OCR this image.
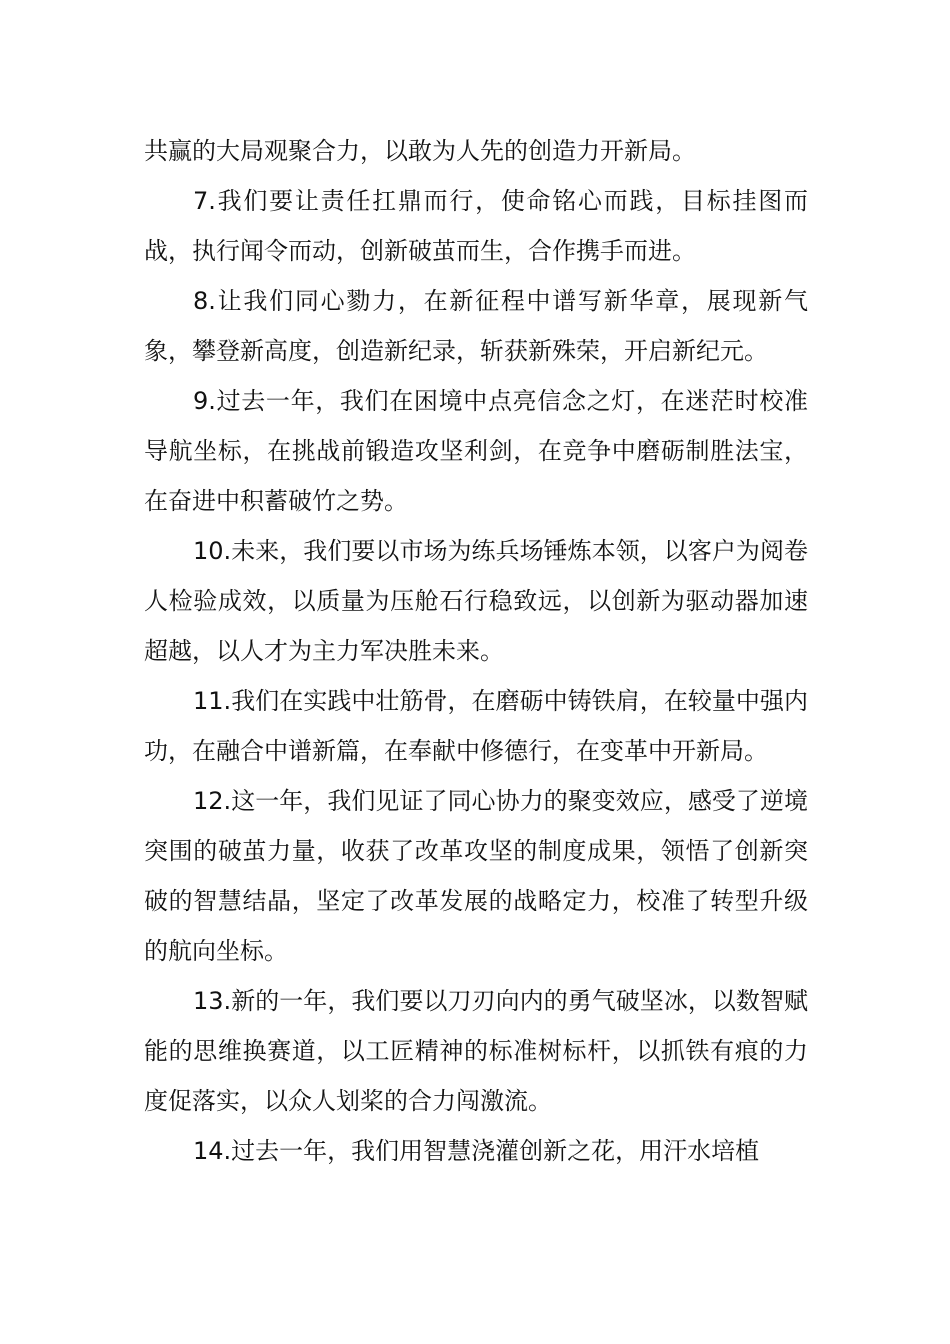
共赢的大局观聚合力，以敢为人先的创造力开新局。

7.我们要让责任扛鼎而行，使命铭心而践，目标挂图而战，执行闻令而动，创新破茧而生，合作携手而进。

8.让我们同心勠力，在新征程中谱写新华章，展现新气象，攀登新高度，创造新纪录，斩获新殊荣，开启新纪元。

9.过去一年，我们在困境中点亮信念之灯，在迷茫时校准导航坐标，在挑战前锻造攻坚利剑，在竞争中磨砺制胜法宝，在奋进中积蓄破竹之势。

10.未来，我们要以市场为练兵场锤炼本领，以客户为阅卷人检验成效，以质量为压舱石行稳致远，以创新为驱动器加速超越，以人才为主力军决胜未来。

11.我们在实践中壮筋骨，在磨砺中铸铁肩，在较量中强内功，在融合中谱新篇，在奉献中修德行，在变革中开新局。

12.这一年，我们见证了同心协力的聚变效应，感受了逆境突围的破茧力量，收获了改革攻坚的制度成果，领悟了创新突破的智慧结晶，坚定了改革发展的战略定力，校准了转型升级的航向坐标。

13.新的一年，我们要以刀刃向内的勇气破坚冰，以数智赋能的思维换赛道，以工匠精神的标准树标杆，以抓铁有痕的力度促落实，以众人划桨的合力闯激流。

14.过去一年，我们用智慧浇灌创新之花，用汗水培植
